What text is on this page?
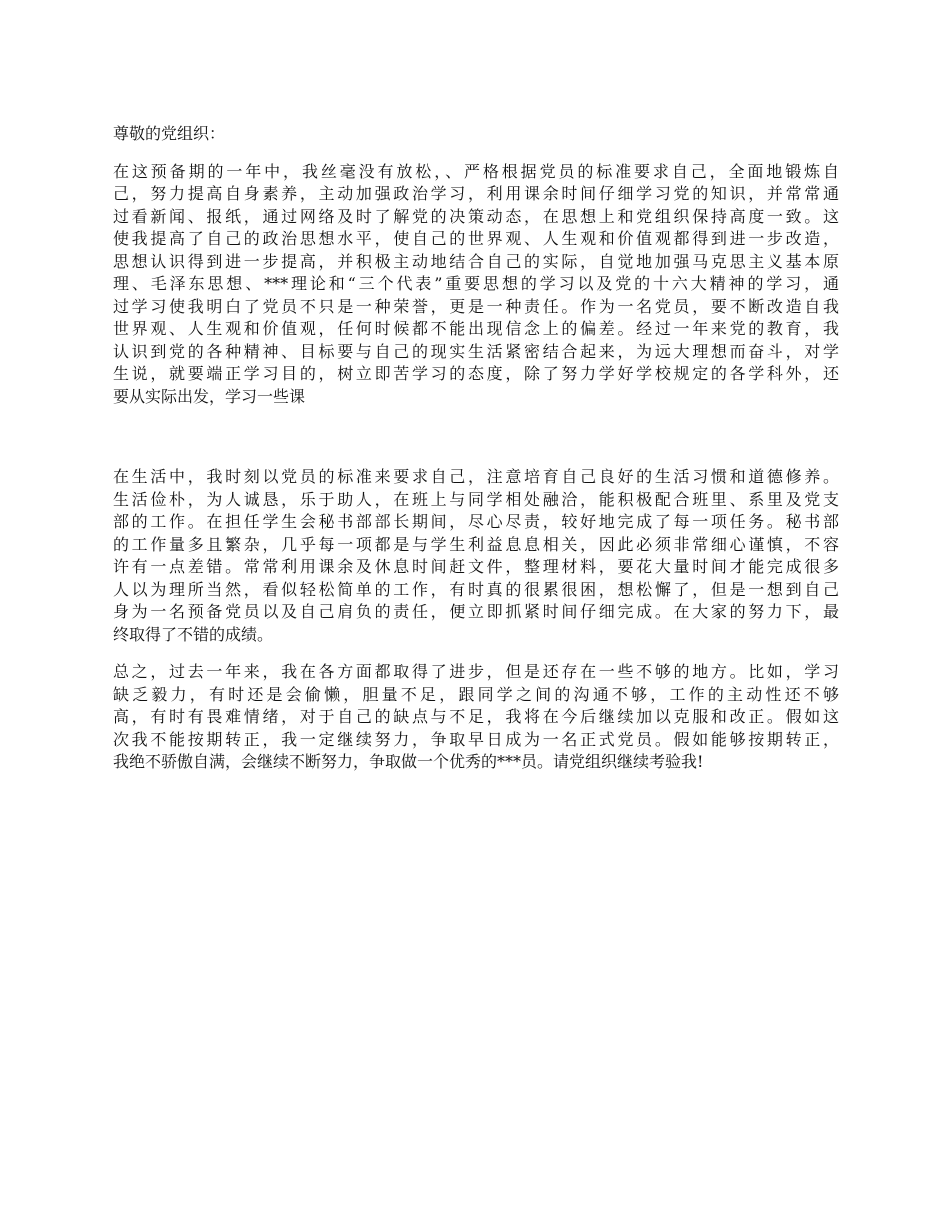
尊敬的党组织：

在这预备期的一年中，我丝毫没有放松，、严格根据党员的标准要求自己，全面地锻炼自
己，努力提高自身素养，主动加强政治学习，利用课余时间仔细学习党的知识，并常常通
过看新闻、报纸，通过网络及时了解党的决策动态，在思想上和党组织保持高度一致。这
使我提高了自己的政治思想水平，使自己的世界观、人生观和价值观都得到进一步改造，
思想认识得到进一步提高，并积极主动地结合自己的实际，自觉地加强马克思主义基本原
理、毛泽东思想、***理论和“三个代表”重要思想的学习以及党的十六大精神的学习，通
过学习使我明白了党员不只是一种荣誉，更是一种责任。作为一名党员，要不断改造自我
世界观、人生观和价值观，任何时候都不能出现信念上的偏差。经过一年来党的教育，我
认识到党的各种精神、目标要与自己的现实生活紧密结合起来，为远大理想而奋斗，对学
生说，就要端正学习目的，树立即苦学习的态度，除了努力学好学校规定的各学科外，还
要从实际出发，学习一些课

在生活中，我时刻以党员的标准来要求自己，注意培育自己良好的生活习惯和道德修养。
生活俭朴，为人诚恳，乐于助人，在班上与同学相处融洽，能积极配合班里、系里及党支
部的工作。在担任学生会秘书部部长期间，尽心尽责，较好地完成了每一项任务。秘书部
的工作量多且繁杂，几乎每一项都是与学生利益息息相关，因此必须非常细心谨慎，不容
许有一点差错。常常利用课余及休息时间赶文件，整理材料，要花大量时间才能完成很多
人以为理所当然，看似轻松简单的工作，有时真的很累很困，想松懈了，但是一想到自己
身为一名预备党员以及自己肩负的责任，便立即抓紧时间仔细完成。在大家的努力下，最
终取得了不错的成绩。

总之，过去一年来，我在各方面都取得了进步，但是还存在一些不够的地方。比如，学习
缺乏毅力，有时还是会偷懒，胆量不足，跟同学之间的沟通不够，工作的主动性还不够
高，有时有畏难情绪，对于自己的缺点与不足，我将在今后继续加以克服和改正。假如这
次我不能按期转正，我一定继续努力，争取早日成为一名正式党员。假如能够按期转正，
我绝不骄傲自满，会继续不断努力，争取做一个优秀的***员。请党组织继续考验我!
